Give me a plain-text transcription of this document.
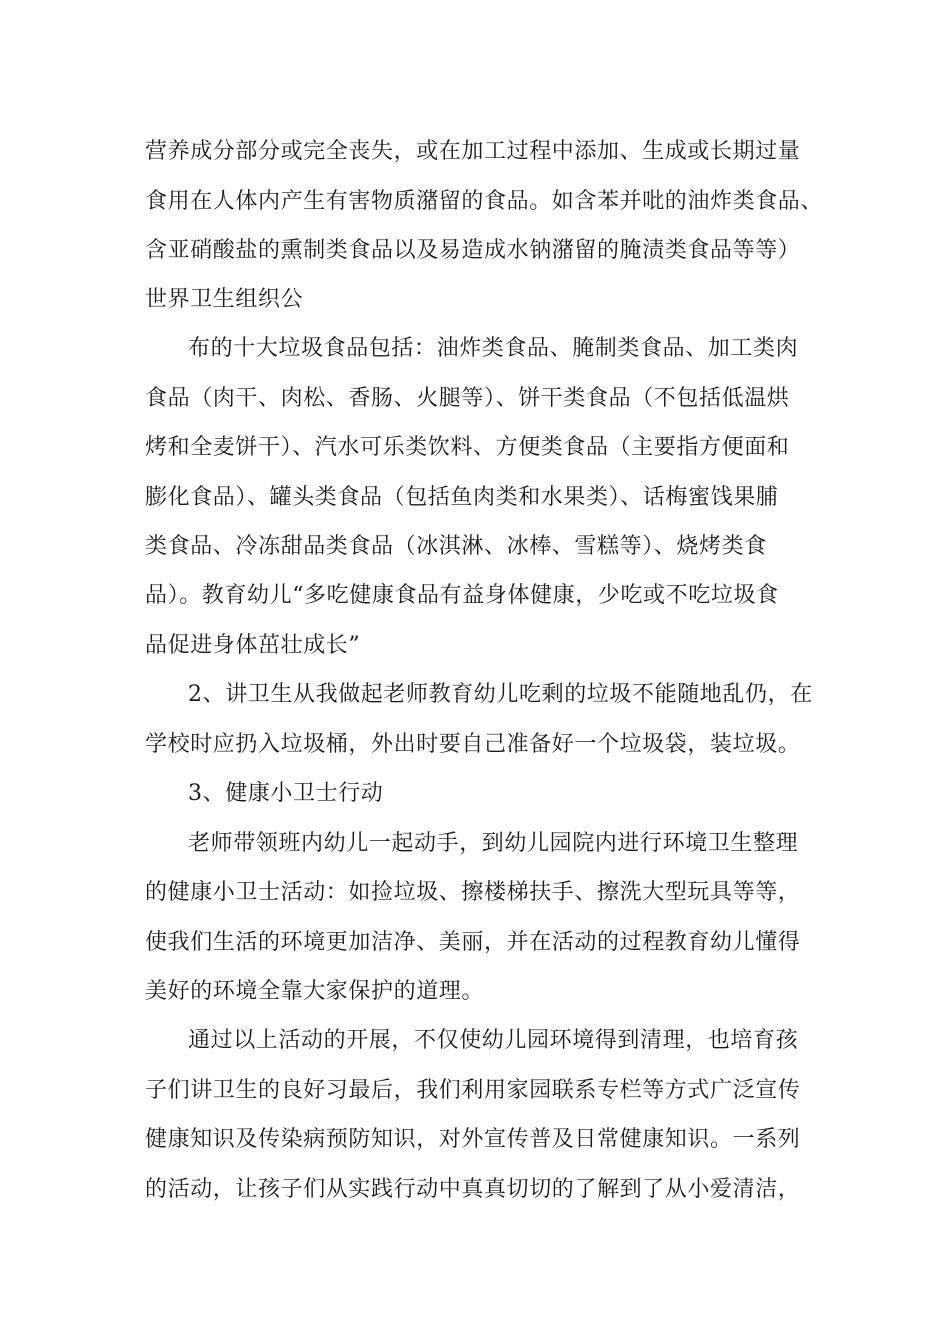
营养成分部分或完全丧失，或在加工过程中添加、生成或长期过量
食用在人体内产生有害物质潴留的食品。如含苯并吡的油炸类食品、
含亚硝酸盐的熏制类食品以及易造成水钠潴留的腌渍类食品等等）
世界卫生组织公
布的十大垃圾食品包括：油炸类食品、腌制类食品、加工类肉
食品（肉干、肉松、香肠、火腿等）、饼干类食品（不包括低温烘
烤和全麦饼干）、汽水可乐类饮料、方便类食品（主要指方便面和
膨化食品）、罐头类食品（包括鱼肉类和水果类）、话梅蜜饯果脯
类食品、冷冻甜品类食品（冰淇淋、冰棒、雪糕等）、烧烤类食
品）。教育幼儿“多吃健康食品有益身体健康，少吃或不吃垃圾食
品促进身体茁壮成长”
2、讲卫生从我做起老师教育幼儿吃剩的垃圾不能随地乱仍，在
学校时应扔入垃圾桶，外出时要自己准备好一个垃圾袋，装垃圾。
3、健康小卫士行动
老师带领班内幼儿一起动手，到幼儿园院内进行环境卫生整理
的健康小卫士活动：如捡垃圾、擦楼梯扶手、擦洗大型玩具等等，
使我们生活的环境更加洁净、美丽，并在活动的过程教育幼儿懂得
美好的环境全靠大家保护的道理。
通过以上活动的开展，不仅使幼儿园环境得到清理，也培育孩
子们讲卫生的良好习最后，我们利用家园联系专栏等方式广泛宣传
健康知识及传染病预防知识，对外宣传普及日常健康知识。一系列
的活动，让孩子们从实践行动中真真切切的了解到了从小爱清洁，
